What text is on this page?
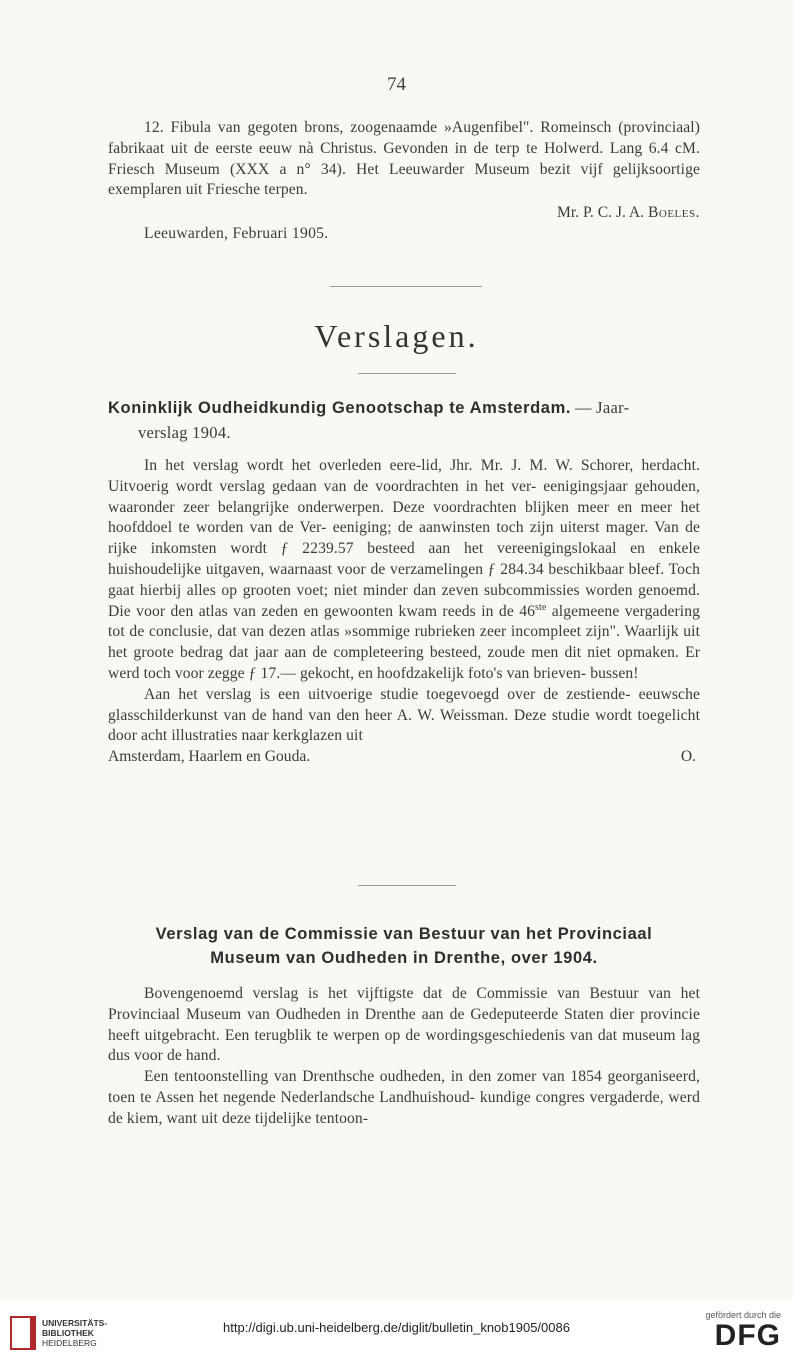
74

12. Fibula van gegoten brons, zoogenaamde »Augenfibel". Romeinsch (provinciaal) fabrikaat uit de eerste eeuw nà Christus. Gevonden in de terp te Holwerd. Lang 6.4 cM. Friesch Museum (XXX a n° 34). Het Leeuwarder Museum bezit vijf gelijksoortige exemplaren uit Friesche terpen.

Mr. P. C. J. A. Boeles.

Leeuwarden, Februari 1905.

Verslagen.

Koninklijk Oudheidkundig Genootschap te Amsterdam. — Jaar-
verslag 1904.

In het verslag wordt het overleden eere-lid, Jhr. Mr. J. M. W. Schorer, herdacht. Uitvoerig wordt verslag gedaan van de voordrachten in het ver- eenigingsjaar gehouden, waaronder zeer belangrijke onderwerpen. Deze voordrachten blijken meer en meer het hoofddoel te worden van de Ver- eeniging; de aanwinsten toch zijn uiterst mager. Van de rijke inkomsten wordt ƒ 2239.57 besteed aan het vereenigingslokaal en enkele huishoudelijke uitgaven, waarnaast voor de verzamelingen ƒ 284.34 beschikbaar bleef. Toch gaat hierbij alles op grooten voet; niet minder dan zeven subcommissies worden genoemd. Die voor den atlas van zeden en gewoonten kwam reeds in de 46ste algemeene vergadering tot de conclusie, dat van dezen atlas »sommige rubrieken zeer incompleet zijn". Waarlijk uit het groote bedrag dat jaar aan de completeering besteed, zoude men dit niet opmaken. Er werd toch voor zegge ƒ 17.— gekocht, en hoofdzakelijk foto's van brieven- bussen!

Aan het verslag is een uitvoerige studie toegevoegd over de zestiende- eeuwsche glasschilderkunst van de hand van den heer A. W. Weissman. Deze studie wordt toegelicht door acht illustraties naar kerkglazen uit

Amsterdam, Haarlem en Gouda.	O.

Verslag van de Commissie van Bestuur van het Provinciaal
Museum van Oudheden in Drenthe, over 1904.

Bovengenoemd verslag is het vijftigste dat de Commissie van Bestuur van het Provinciaal Museum van Oudheden in Drenthe aan de Gedeputeerde Staten dier provincie heeft uitgebracht. Een terugblik te werpen op de wordingsgeschiedenis van dat museum lag dus voor de hand.

Een tentoonstelling van Drenthsche oudheden, in den zomer van 1854 georganiseerd, toen te Assen het negende Nederlandsche Landhuishoud- kundige congres vergaderde, werd de kiem, want uit deze tijdelijke tentoon-

UNIVERSITÄTS-
BIBLIOTHEK
HEIDELBERG
http://digi.ub.uni-heidelberg.de/diglit/bulletin_knob1905/0086
gefördert durch die
DFG
